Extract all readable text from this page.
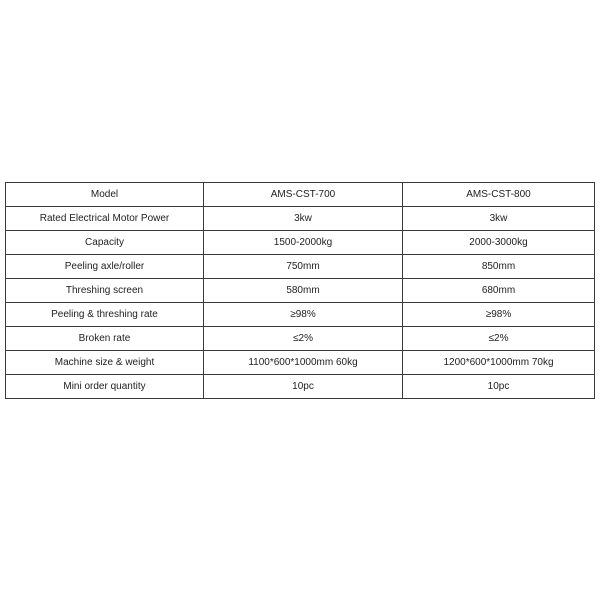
Model	AMS-CST-700	AMS-CST-800
Rated Electrical Motor Power	3kw	3kw
Capacity	1500-2000kg	2000-3000kg
Peeling axle/roller	750mm	850mm
Threshing screen	580mm	680mm
Peeling & threshing rate	≥98%	≥98%
Broken rate	≤2%	≤2%
Machine size & weight	1100*600*1000mm 60kg	1200*600*1000mm 70kg
Mini order quantity	10pc	10pc
